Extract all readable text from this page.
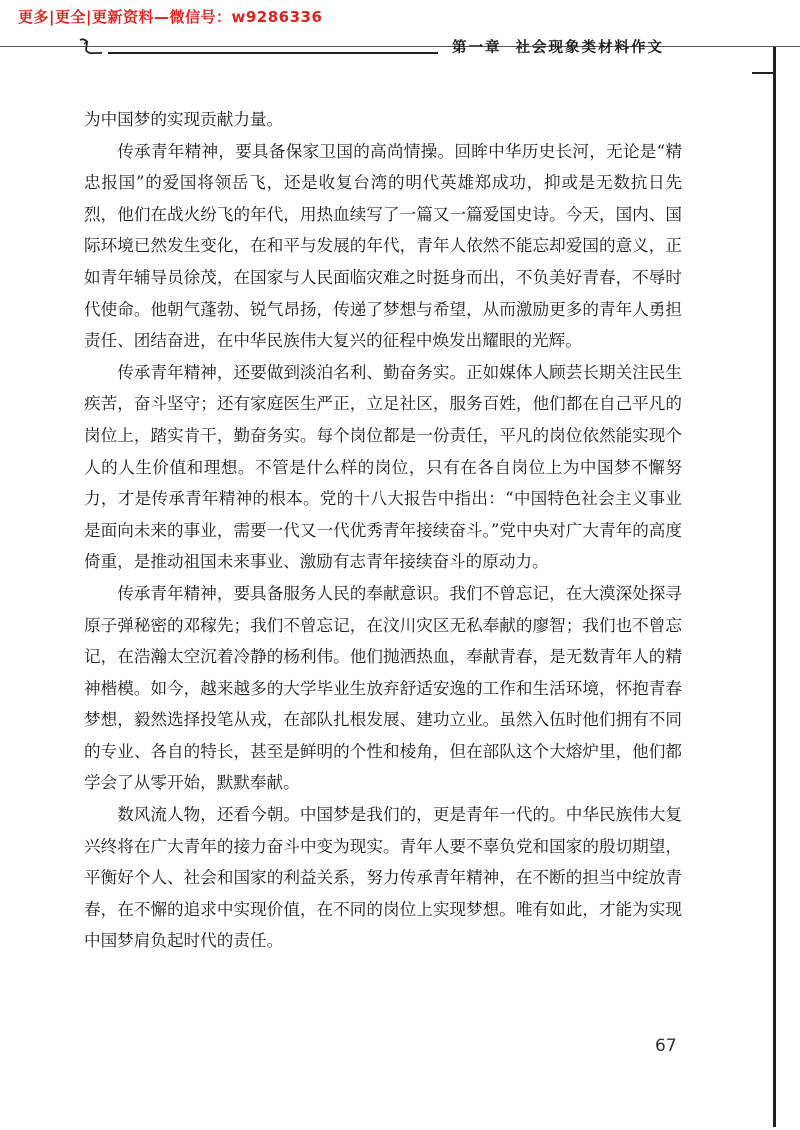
更多|更全|更新资料—微信号：w9286336
第一章 社会现象类材料作文

为中国梦的实现贡献力量。

传承青年精神，要具备保家卫国的高尚情操。回眸中华历史长河，无论是“精忠报国”的爱国将领岳飞，还是收复台湾的明代英雄郑成功，抑或是无数抗日先烈，他们在战火纷飞的年代，用热血续写了一篇又一篇爱国史诗。今天，国内、国际环境已然发生变化，在和平与发展的年代，青年人依然不能忘却爱国的意义，正如青年辅导员徐茂，在国家与人民面临灾难之时挺身而出，不负美好青春，不辱时代使命。他朝气蓬勃、锐气昂扬，传递了梦想与希望，从而激励更多的青年人勇担责任、团结奋进，在中华民族伟大复兴的征程中焕发出耀眼的光辉。

传承青年精神，还要做到淡泊名利、勤奋务实。正如媒体人顾芸长期关注民生疾苦，奋斗坚守；还有家庭医生严正，立足社区，服务百姓，他们都在自己平凡的岗位上，踏实肯干，勤奋务实。每个岗位都是一份责任，平凡的岗位依然能实现个人的人生价值和理想。不管是什么样的岗位，只有在各自岗位上为中国梦不懈努力，才是传承青年精神的根本。党的十八大报告中指出：“中国特色社会主义事业是面向未来的事业，需要一代又一代优秀青年接续奋斗。”党中央对广大青年的高度倚重，是推动祖国未来事业、激励有志青年接续奋斗的原动力。

传承青年精神，要具备服务人民的奉献意识。我们不曾忘记，在大漠深处探寻原子弹秘密的邓稼先；我们不曾忘记，在汶川灾区无私奉献的廖智；我们也不曾忘记，在浩瀚太空沉着冷静的杨利伟。他们抛洒热血，奉献青春，是无数青年人的精神楷模。如今，越来越多的大学毕业生放弃舒适安逸的工作和生活环境，怀抱青春梦想，毅然选择投笔从戎，在部队扎根发展、建功立业。虽然入伍时他们拥有不同的专业、各自的特长，甚至是鲜明的个性和棱角，但在部队这个大熔炉里，他们都学会了从零开始，默默奉献。

数风流人物，还看今朝。中国梦是我们的，更是青年一代的。中华民族伟大复兴终将在广大青年的接力奋斗中变为现实。青年人要不辜负党和国家的殷切期望，平衡好个人、社会和国家的利益关系，努力传承青年精神，在不断的担当中绽放青春，在不懈的追求中实现价值，在不同的岗位上实现梦想。唯有如此，才能为实现中国梦肩负起时代的责任。

67
